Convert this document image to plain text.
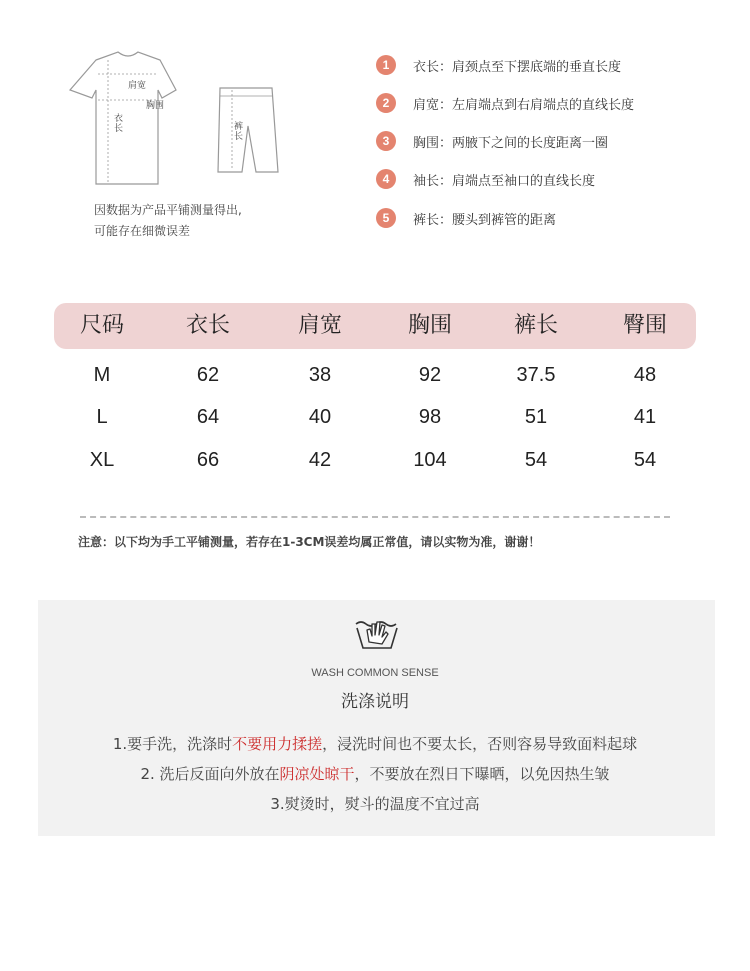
肩宽
胸围
衣长	裤长
因数据为产品平铺测量得出,
可能存在细微误差
1	衣长：肩颈点至下摆底端的垂直长度
2	肩宽：左肩端点到右肩端点的直线长度
3	胸围：两腋下之间的长度距离一圈
4	袖长：肩端点至袖口的直线长度
5	裤长：腰头到裤管的距离
尺码	衣长	肩宽	胸围	裤长	臀围
M	62	38	92	37.5	48
L	64	40	98	51	41
XL	66	42	104	54	54
注意：以下均为手工平铺测量，若存在1-3CM误差均属正常值，请以实物为准，谢谢！
WASH COMMON SENSE
洗涤说明
1.要手洗，洗涤时不要用力揉搓，浸洗时间也不要太长，否则容易导致面料起球
2. 洗后反面向外放在阴凉处晾干，不要放在烈日下曝晒，以免因热生皱
3.熨烫时，熨斗的温度不宜过高
